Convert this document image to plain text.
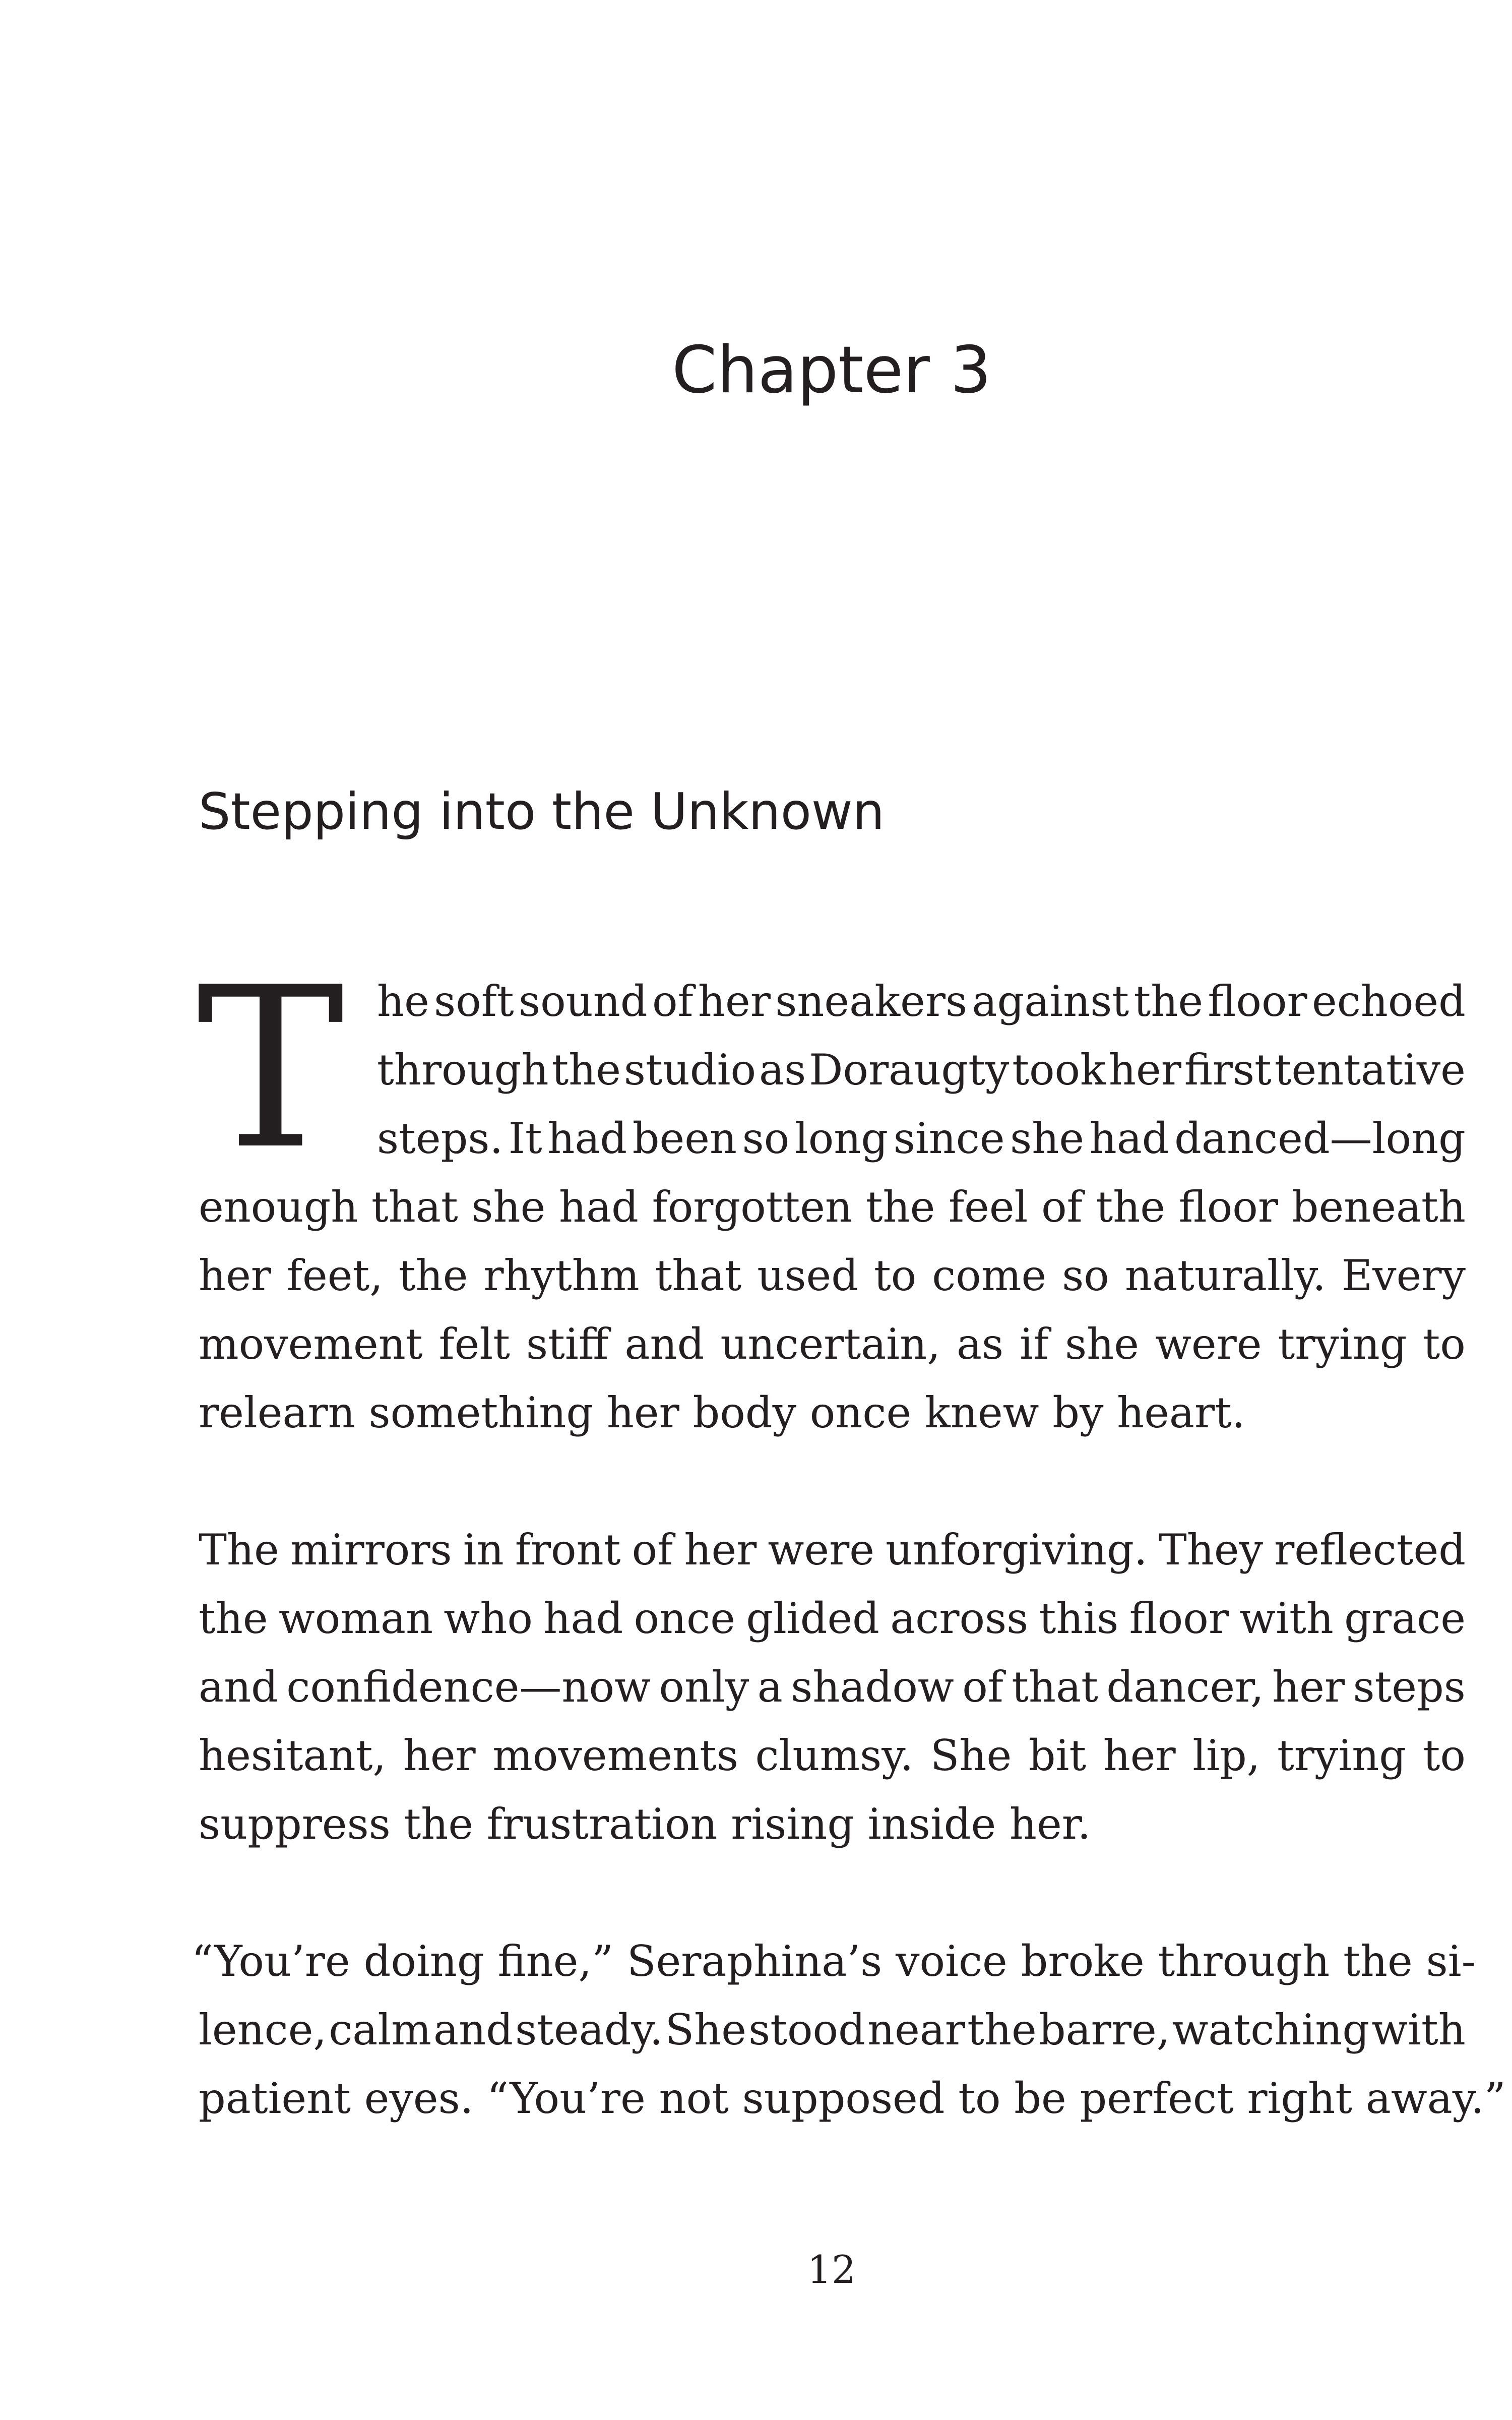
Chapter 3
Stepping into the Unknown
T he soft sound of her sneakers against the floor echoed
through the studio as Doraugty took her first tentative
steps. It had been so long since she had danced—long
enough that she had forgotten the feel of the floor beneath
her feet, the rhythm that used to come so naturally. Every
movement felt stiff and uncertain, as if she were trying to
relearn something her body once knew by heart.
The mirrors in front of her were unforgiving. They reflected
the woman who had once glided across this floor with grace
and confidence—now only a shadow of that dancer, her steps
hesitant, her movements clumsy. She bit her lip, trying to
suppress the frustration rising inside her.
“You’re doing fine,” Seraphina’s voice broke through the si-
lence, calm and steady. She stood near the barre, watching with
patient eyes. “You’re not supposed to be perfect right away.”
12
